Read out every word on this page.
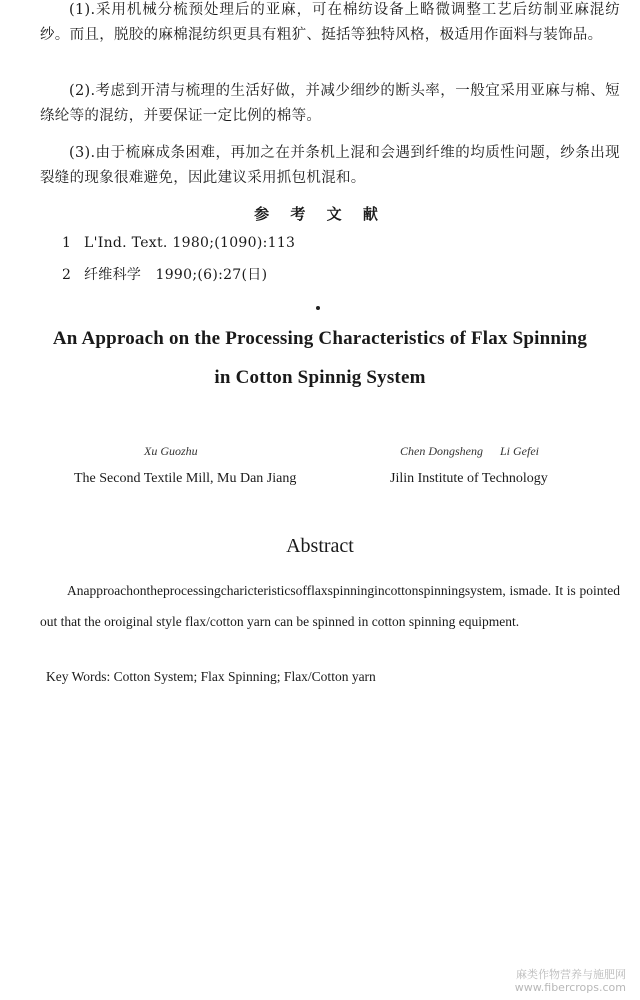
(1).采用机械分梳预处理后的亚麻，可在棉纺设备上略微调整工艺后纺制亚麻混纺纱。而且，脱胶的麻棉混纺织更具有粗犷、挺括等独特风格，极适用作面料与装饰品。

(2).考虑到开清与梳理的生活好做，并减少细纱的断头率，一般宜采用亚麻与棉、短绦纶等的混纺，并要保证一定比例的棉等。

(3).由于梳麻成条困难，再加之在并条机上混和会遇到纤维的均质性问题，纱条出现裂缝的现象很难避免，因此建议采用抓包机混和。

参 考 文 献
1 L'Ind. Text. 1980;(1090):113
2 纤维科学　1990;(6):27(日)
An Approach on the Processing Characteristics of Flax Spinning
in Cotton Spinnig System
Xu Guozhu	Chen Dongsheng Li Gefei
The Second Textile Mill, Mu Dan Jiang	Jilin Institute of Technology
Abstract

Anapproachontheprocessingcharicteristicsofflaxspinningincottonspinningsystem, ismade. It is pointed out that the oroiginal style flax/cotton yarn can be spinned in cotton spinning equipment.

Key Words: Cotton System; Flax Spinning; Flax/Cotton yarn
麻类作物营养与施肥网
www.fibercrops.com
